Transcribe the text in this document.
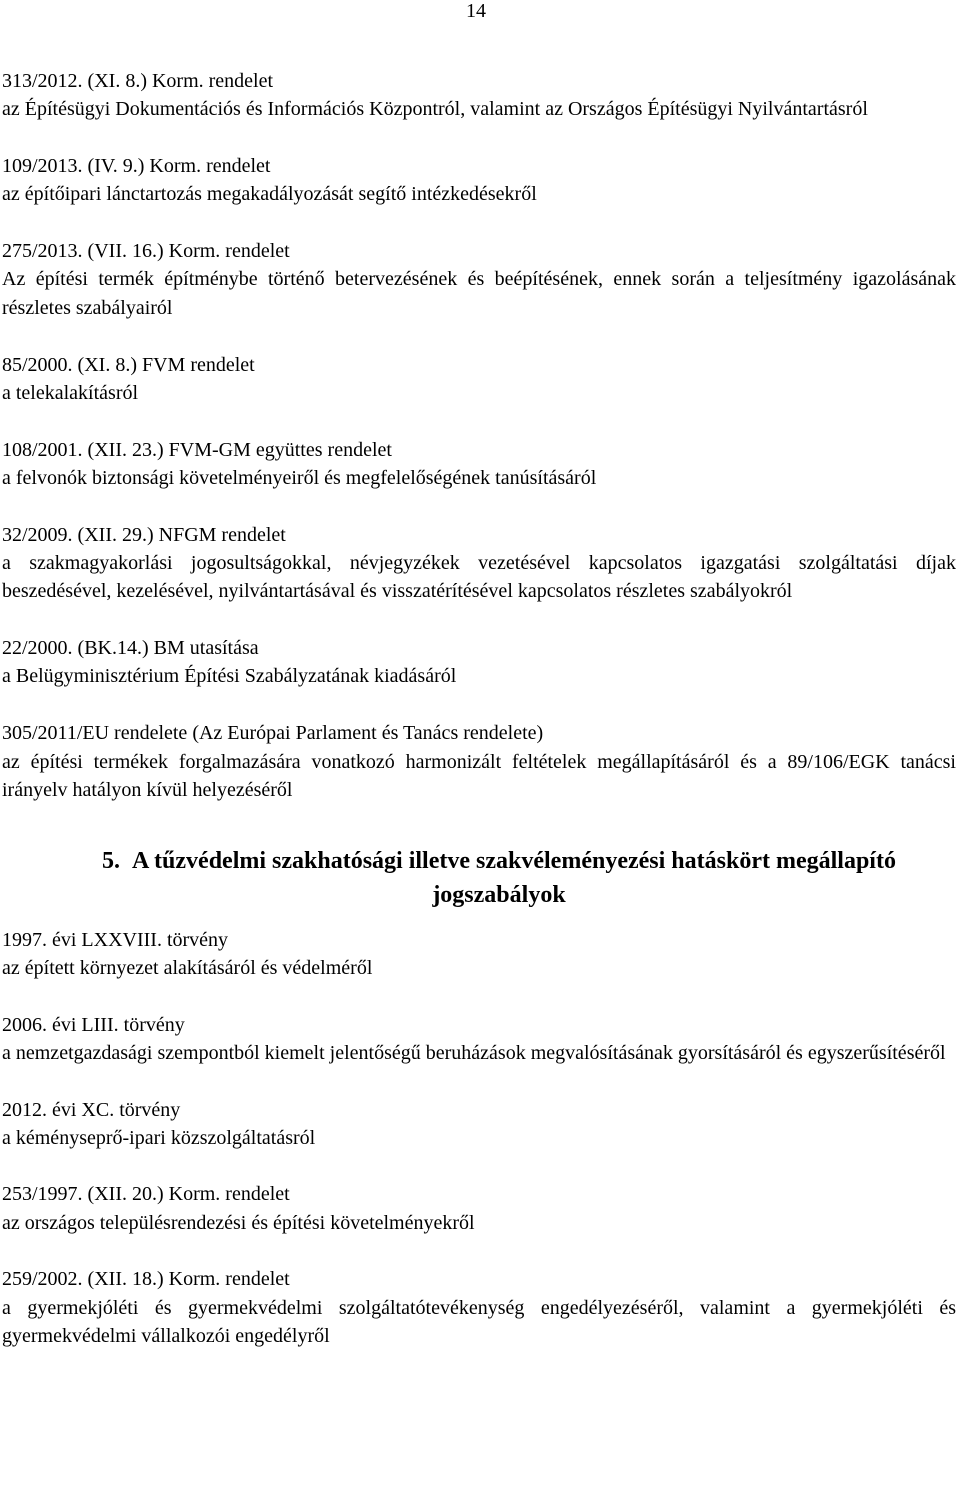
14
313/2012. (XI. 8.) Korm. rendelet
az Építésügyi Dokumentációs és Információs Központról, valamint az Országos Építésügyi Nyilvántartásról
109/2013. (IV. 9.) Korm. rendelet
az építőipari lánctartozás megakadályozását segítő intézkedésekről
275/2013. (VII. 16.) Korm. rendelet
Az építési termék építménybe történő betervezésének és beépítésének, ennek során a teljesítmény igazolásának részletes szabályairól
85/2000. (XI. 8.) FVM rendelet
a telekalakításról
108/2001. (XII. 23.) FVM-GM együttes rendelet
a felvonók biztonsági követelményeiről és megfelelőségének tanúsításáról
32/2009. (XII. 29.) NFGM rendelet
a szakmagyakorlási jogosultságokkal, névjegyzékek vezetésével kapcsolatos igazgatási szolgáltatási díjak beszedésével, kezelésével, nyilvántartásával és visszatérítésével kapcsolatos részletes szabályokról
22/2000. (BK.14.) BM utasítása
a Belügyminisztérium Építési Szabályzatának kiadásáról
305/2011/EU rendelete (Az Európai Parlament és Tanács rendelete)
az építési termékek forgalmazására vonatkozó harmonizált feltételek megállapításáról és a 89/106/EGK tanácsi irányelv hatályon kívül helyezéséről
5. A tűzvédelmi szakhatósági illetve szakvéleményezési hatáskört megállapító jogszabályok
1997. évi LXXVIII. törvény
az épített környezet alakításáról és védelméről
2006. évi LIII. törvény
a nemzetgazdasági szempontból kiemelt jelentőségű beruházások megvalósításának gyorsításáról és egyszerűsítéséről
2012. évi XC. törvény
a kéményseprő-ipari közszolgáltatásról
253/1997. (XII. 20.) Korm. rendelet
az országos településrendezési és építési követelményekről
259/2002. (XII. 18.) Korm. rendelet
a gyermekjóléti és gyermekvédelmi szolgáltatótevékenység engedélyezéséről, valamint a gyermekjóléti és gyermekvédelmi vállalkozói engedélyről
